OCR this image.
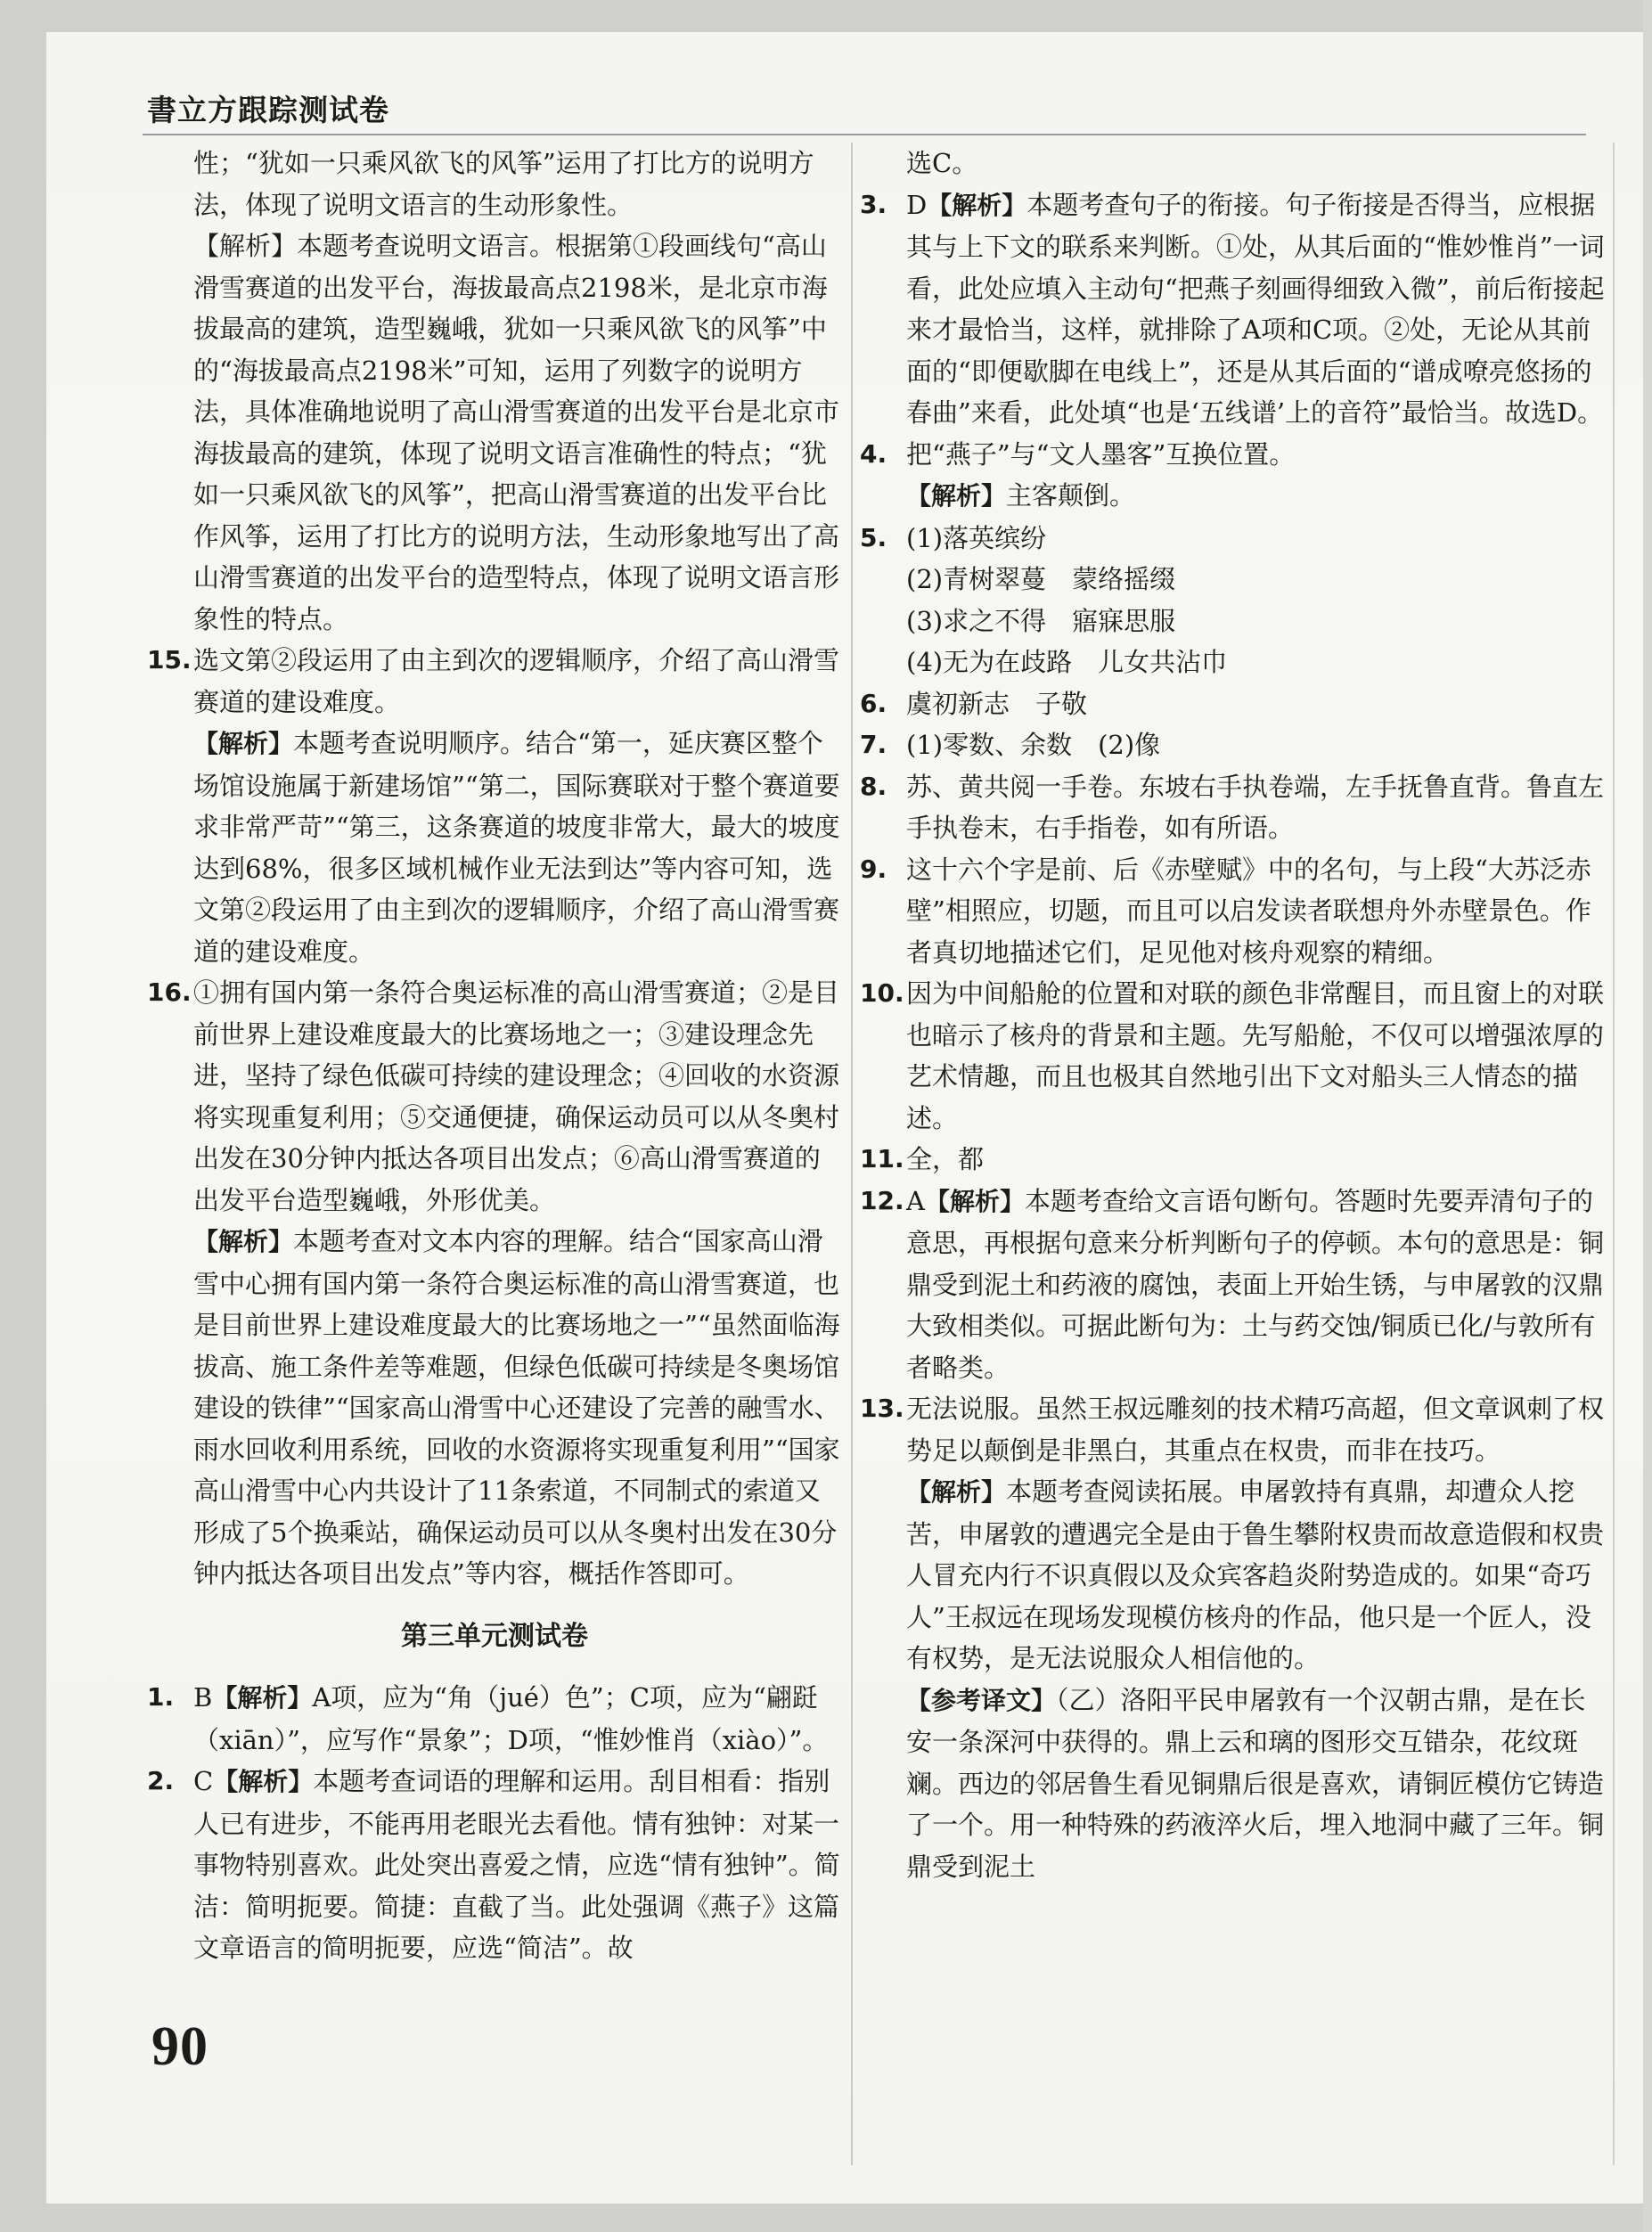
書立方跟踪测试卷

性；“犹如一只乘风欲飞的风筝”运用了打比方的说明方法，体现了说明文语言的生动形象性。

【解析】本题考查说明文语言。根据第①段画线句“高山滑雪赛道的出发平台，海拔最高点2198米，是北京市海拔最高的建筑，造型巍峨，犹如一只乘风欲飞的风筝”中的“海拔最高点2198米”可知，运用了列数字的说明方法，具体准确地说明了高山滑雪赛道的出发平台是北京市海拔最高的建筑，体现了说明文语言准确性的特点；“犹如一只乘风欲飞的风筝”，把高山滑雪赛道的出发平台比作风筝，运用了打比方的说明方法，生动形象地写出了高山滑雪赛道的出发平台的造型特点，体现了说明文语言形象性的特点。

15. 选文第②段运用了由主到次的逻辑顺序，介绍了高山滑雪赛道的建设难度。

【解析】本题考查说明顺序。结合“第一，延庆赛区整个场馆设施属于新建场馆”“第二，国际赛联对于整个赛道要求非常严苛”“第三，这条赛道的坡度非常大，最大的坡度达到68%，很多区域机械作业无法到达”等内容可知，选文第②段运用了由主到次的逻辑顺序，介绍了高山滑雪赛道的建设难度。

16. ①拥有国内第一条符合奥运标准的高山滑雪赛道；②是目前世界上建设难度最大的比赛场地之一；③建设理念先进，坚持了绿色低碳可持续的建设理念；④回收的水资源将实现重复利用；⑤交通便捷，确保运动员可以从冬奥村出发在30分钟内抵达各项目出发点；⑥高山滑雪赛道的出发平台造型巍峨，外形优美。

【解析】本题考查对文本内容的理解。结合“国家高山滑雪中心拥有国内第一条符合奥运标准的高山滑雪赛道，也是目前世界上建设难度最大的比赛场地之一”“虽然面临海拔高、施工条件差等难题，但绿色低碳可持续是冬奥场馆建设的铁律”“国家高山滑雪中心还建设了完善的融雪水、雨水回收利用系统，回收的水资源将实现重复利用”“国家高山滑雪中心内共设计了11条索道，不同制式的索道又形成了5个换乘站，确保运动员可以从冬奥村出发在30分钟内抵达各项目出发点”等内容，概括作答即可。

第三单元测试卷
1. B【解析】A项，应为“角（jué）色”；C项，应为“翩跹（xiān）”，应写作“景象”；D项，“惟妙惟肖（xiào）”。

2. C【解析】本题考查词语的理解和运用。刮目相看：指别人已有进步，不能再用老眼光去看他。情有独钟：对某一事物特别喜欢。此处突出喜爱之情，应选“情有独钟”。简洁：简明扼要。简捷：直截了当。此处强调《燕子》这篇文章语言的简明扼要，应选“简洁”。故

选C。

3. D【解析】本题考查句子的衔接。句子衔接是否得当，应根据其与上下文的联系来判断。①处，从其后面的“惟妙惟肖”一词看，此处应填入主动句“把燕子刻画得细致入微”，前后衔接起来才最恰当，这样，就排除了A项和C项。②处，无论从其前面的“即便歇脚在电线上”，还是从其后面的“谱成嘹亮悠扬的春曲”来看，此处填“也是‘五线谱’上的音符”最恰当。故选D。

4. 把“燕子”与“文人墨客”互换位置。

【解析】主客颠倒。

5. (1)落英缤纷

(2)青树翠蔓　蒙络摇缀

(3)求之不得　寤寐思服

(4)无为在歧路　儿女共沾巾

6. 虞初新志　子敬

7. (1)零数、余数　(2)像

8. 苏、黄共阅一手卷。东坡右手执卷端，左手抚鲁直背。鲁直左手执卷末，右手指卷，如有所语。

9. 这十六个字是前、后《赤壁赋》中的名句，与上段“大苏泛赤壁”相照应，切题，而且可以启发读者联想舟外赤壁景色。作者真切地描述它们，足见他对核舟观察的精细。

10. 因为中间船舱的位置和对联的颜色非常醒目，而且窗上的对联也暗示了核舟的背景和主题。先写船舱，不仅可以增强浓厚的艺术情趣，而且也极其自然地引出下文对船头三人情态的描述。

11. 全，都

12. A【解析】本题考查给文言语句断句。答题时先要弄清句子的意思，再根据句意来分析判断句子的停顿。本句的意思是：铜鼎受到泥土和药液的腐蚀，表面上开始生锈，与申屠敦的汉鼎大致相类似。可据此断句为：土与药交蚀/铜质已化/与敦所有者略类。

13. 无法说服。虽然王叔远雕刻的技术精巧高超，但文章讽刺了权势足以颠倒是非黑白，其重点在权贵，而非在技巧。

【解析】本题考查阅读拓展。申屠敦持有真鼎，却遭众人挖苦，申屠敦的遭遇完全是由于鲁生攀附权贵而故意造假和权贵人冒充内行不识真假以及众宾客趋炎附势造成的。如果“奇巧人”王叔远在现场发现模仿核舟的作品，他只是一个匠人，没有权势，是无法说服众人相信他的。

【参考译文】（乙）洛阳平民申屠敦有一个汉朝古鼎，是在长安一条深河中获得的。鼎上云和璃的图形交互错杂，花纹斑斓。西边的邻居鲁生看见铜鼎后很是喜欢，请铜匠模仿它铸造了一个。用一种特殊的药液淬火后，埋入地洞中藏了三年。铜鼎受到泥土

90
